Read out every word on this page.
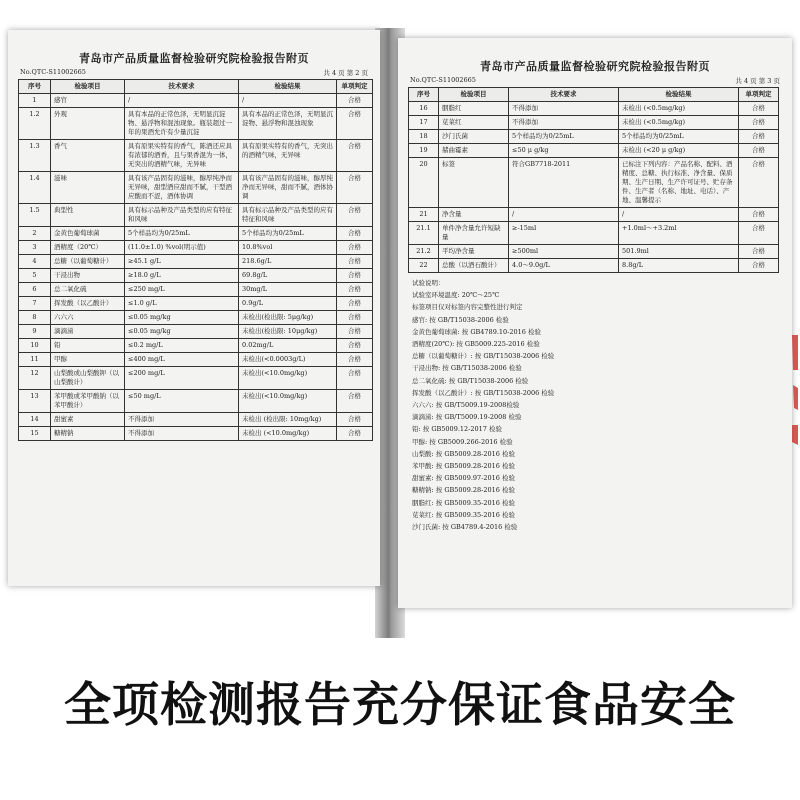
青岛市产品质量监督检验研究院检验报告附页
No.QTC-S11002665	共 4 页 第 2 页
序号	检验项目	技术要求	检验结果	单项判定
1	感官	/	/	合格
1.2	外观	具有本品的正常色泽，无明显沉淀物、悬浮物和混浊现象。瓶装超过一年的果酒允许有少量沉淀	具有本品的正常色泽，无明显沉淀物、悬浮物和混浊现象	合格
1.3	香气	具有原果实特有的香气，陈酒还应具有浓郁的酒香，且与果香混为一体，无突出的酒精气味，无异味	具有原果实特有的香气，无突出的酒精气味，无异味	合格
1.4	滋味	具有该产品固有的滋味，醇厚纯净而无异味，甜型酒应甜而不腻，干型酒应酸而不涩，酒体协调	具有该产品固有的滋味，醇厚纯净而无异味，甜而不腻，酒体协调	合格
1.5	典型性	具有标示品种及产品类型的应有特征和风味	具有标示品种及产品类型的应有特征和风味	合格
2	金黄色葡萄球菌	5个样品均为0/25mL	5个样品均为0/25mL	合格
3	酒精度（20℃）	(11.0±1.0) %vol(明示值)	10.8%vol	合格
4	总糖（以葡萄糖计）	≥45.1 g/L	218.6g/L	合格
5	干浸出物	≥18.0 g/L	69.8g/L	合格
6	总二氧化硫	≤250 mg/L	30mg/L	合格
7	挥发酸（以乙酸计）	≤1.0 g/L	0.9g/L	合格
8	六六六	≤0.05 mg/kg	未检出(检出限: 5μg/kg)	合格
9	滴滴涕	≤0.05 mg/kg	未检出(检出限: 10μg/kg)	合格
10	铅	≤0.2 mg/L	0.02mg/L	合格
11	甲醇	≤400 mg/L	未检出(<0.0003g/L)	合格
12	山梨酸或山梨酸钾（以山梨酸计）	≤200 mg/L	未检出(<10.0mg/kg)	合格
13	苯甲酸或苯甲酸钠（以苯甲酸计）	≤50 mg/L	未检出(<10.0mg/kg)	合格
14	甜蜜素	不得添加	未检出 (检出限: 10mg/kg)	合格
15	糖精钠	不得添加	未检出 (<10.0mg/kg)	合格
青岛市产品质量监督检验研究院检验报告附页
No.QTC-S11002665	共 4 页 第 3 页
序号	检验项目	技术要求	检验结果	单项判定
16	胭脂红	不得添加	未检出 (<0.5mg/kg)	合格
17	苋菜红	不得添加	未检出 (<0.5mg/kg)	合格
18	沙门氏菌	5个样品均为0/25mL	5个样品均为0/25mL	合格
19	赭曲霉素	≤50 μ g/kg	未检出 (<20 μ g/kg)	合格
20	标签	符合GB7718-2011	已标注下列内容：产品名称、配料、酒精度、总糖、执行标准、净含量、保质期、生产日期、生产许可证号、贮存条件、生产者（名称、地址、电话）、产地、温馨提示	合格
21	净含量	/	/	合格
21.1	单件净含量允许短缺量	≥-15ml	+1.0ml～+3.2ml	合格
21.2	平均净含量	≥500ml	501.9ml	合格
22	总酸（以酒石酸计）	4.0～9.0g/L	8.8g/L	合格
试验说明：
试验室环境温度: 20℃～25℃
标签项目仅对标签内容完整性进行判定
感官: 按 GB/T15038-2006 检验
金黄色葡萄球菌: 按 GB4789.10-2016 检验
酒精度(20℃): 按 GB5009.225-2016 检验
总糖（以葡萄糖计）: 按 GB/T15038-2006 检验
干浸出物: 按 GB/T15038-2006 检验
总二氧化硫: 按 GB/T15038-2006 检验
挥发酸（以乙酸计）: 按 GB/T15038-2006 检验
六六六: 按 GB/T5009.19-2008检验
滴滴涕: 按 GB/T5009.19-2008 检验
铅: 按 GB5009.12-2017 检验
甲醇: 按 GB5009.266-2016 检验
山梨酸: 按 GB5009.28-2016 检验
苯甲酸: 按 GB5009.28-2016 检验
甜蜜素: 按 GB5009.97-2016 检验
糖精钠: 按 GB5009.28-2016 检验
胭脂红: 按 GB5009.35-2016 检验
苋菜红: 按 GB5009.35-2016 检验
沙门氏菌: 按 GB4789.4-2016 检验
全项检测报告充分保证食品安全
